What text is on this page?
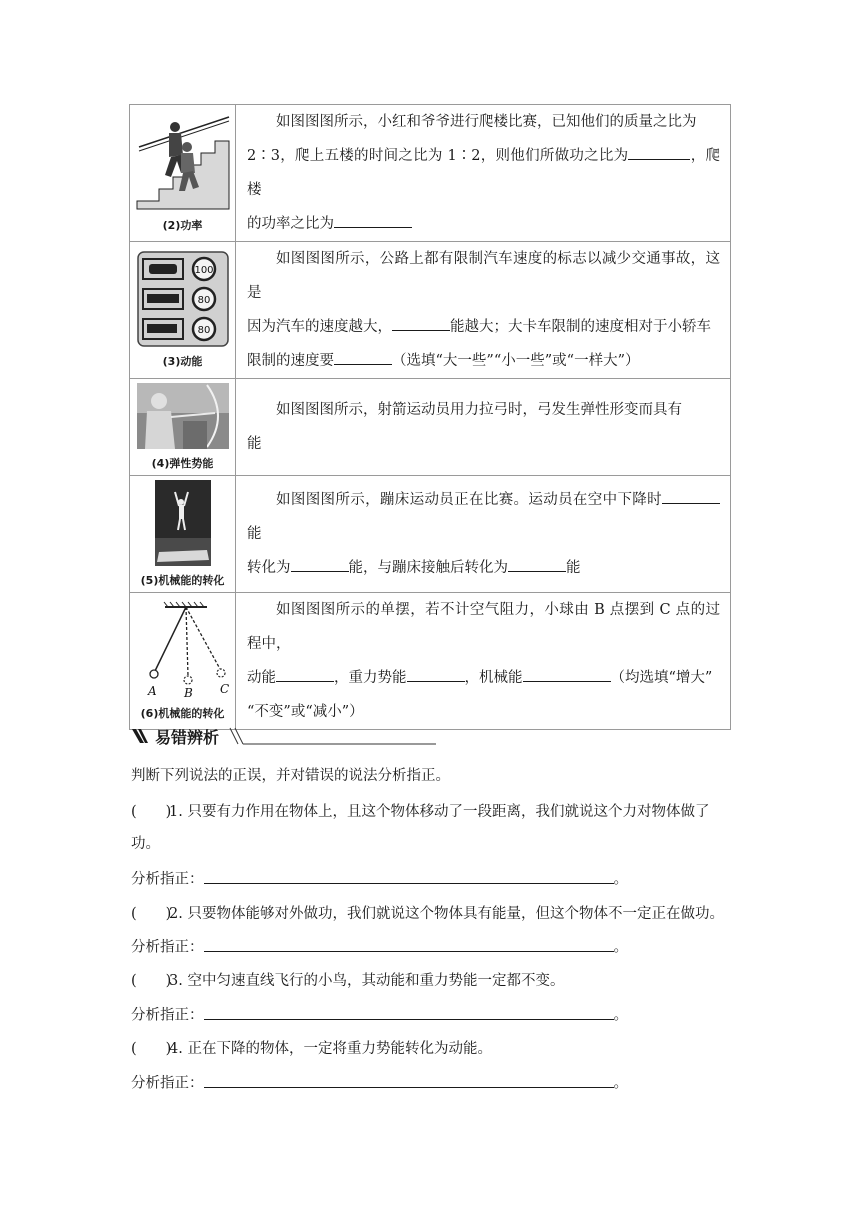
(2)功率	如图图图所示，小红和爷爷进行爬楼比赛，已知他们的质量之比为
2∶3，爬上五楼的时间之比为 1∶2，则他们所做功之比为 ，爬楼
的功率之比为

100
80
80
(3)动能	如图图图所示，公路上都有限制汽车速度的标志以减少交通事故，这是
因为汽车的速度越大， 能越大；大卡车限制的速度相对于小轿车
限制的速度要 （选填“大一些”“小一些”或“一样大”）

(4)弹性势能	如图图图所示，射箭运动员用力拉弓时，弓发生弹性形变而具有
能

(5)机械能的转化	如图图图所示，蹦床运动员正在比赛。运动员在空中下降时能
转化为 能，与蹦床接触后转化为 能

A B C
(6)机械能的转化	如图图图所示的单摆，若不计空气阻力，小球由 B 点摆到 C 点的过程中，
动能 ，重力势能 ，机械能 （均选填“增大”
“不变”或“减小”）
易错辨析
判断下列说法的正误，并对错误的说法分析指正。
(　　)1. 只要有力作用在物体上，且这个物体移动了一段距离，我们就说这个力对物体做了
功。
分析指正：	。
(　　)2. 只要物体能够对外做功，我们就说这个物体具有能量，但这个物体不一定正在做功。
分析指正：	。
(　　)3. 空中匀速直线飞行的小鸟，其动能和重力势能一定都不变。
分析指正：	。
(　　)4. 正在下降的物体，一定将重力势能转化为动能。
分析指正：	。
